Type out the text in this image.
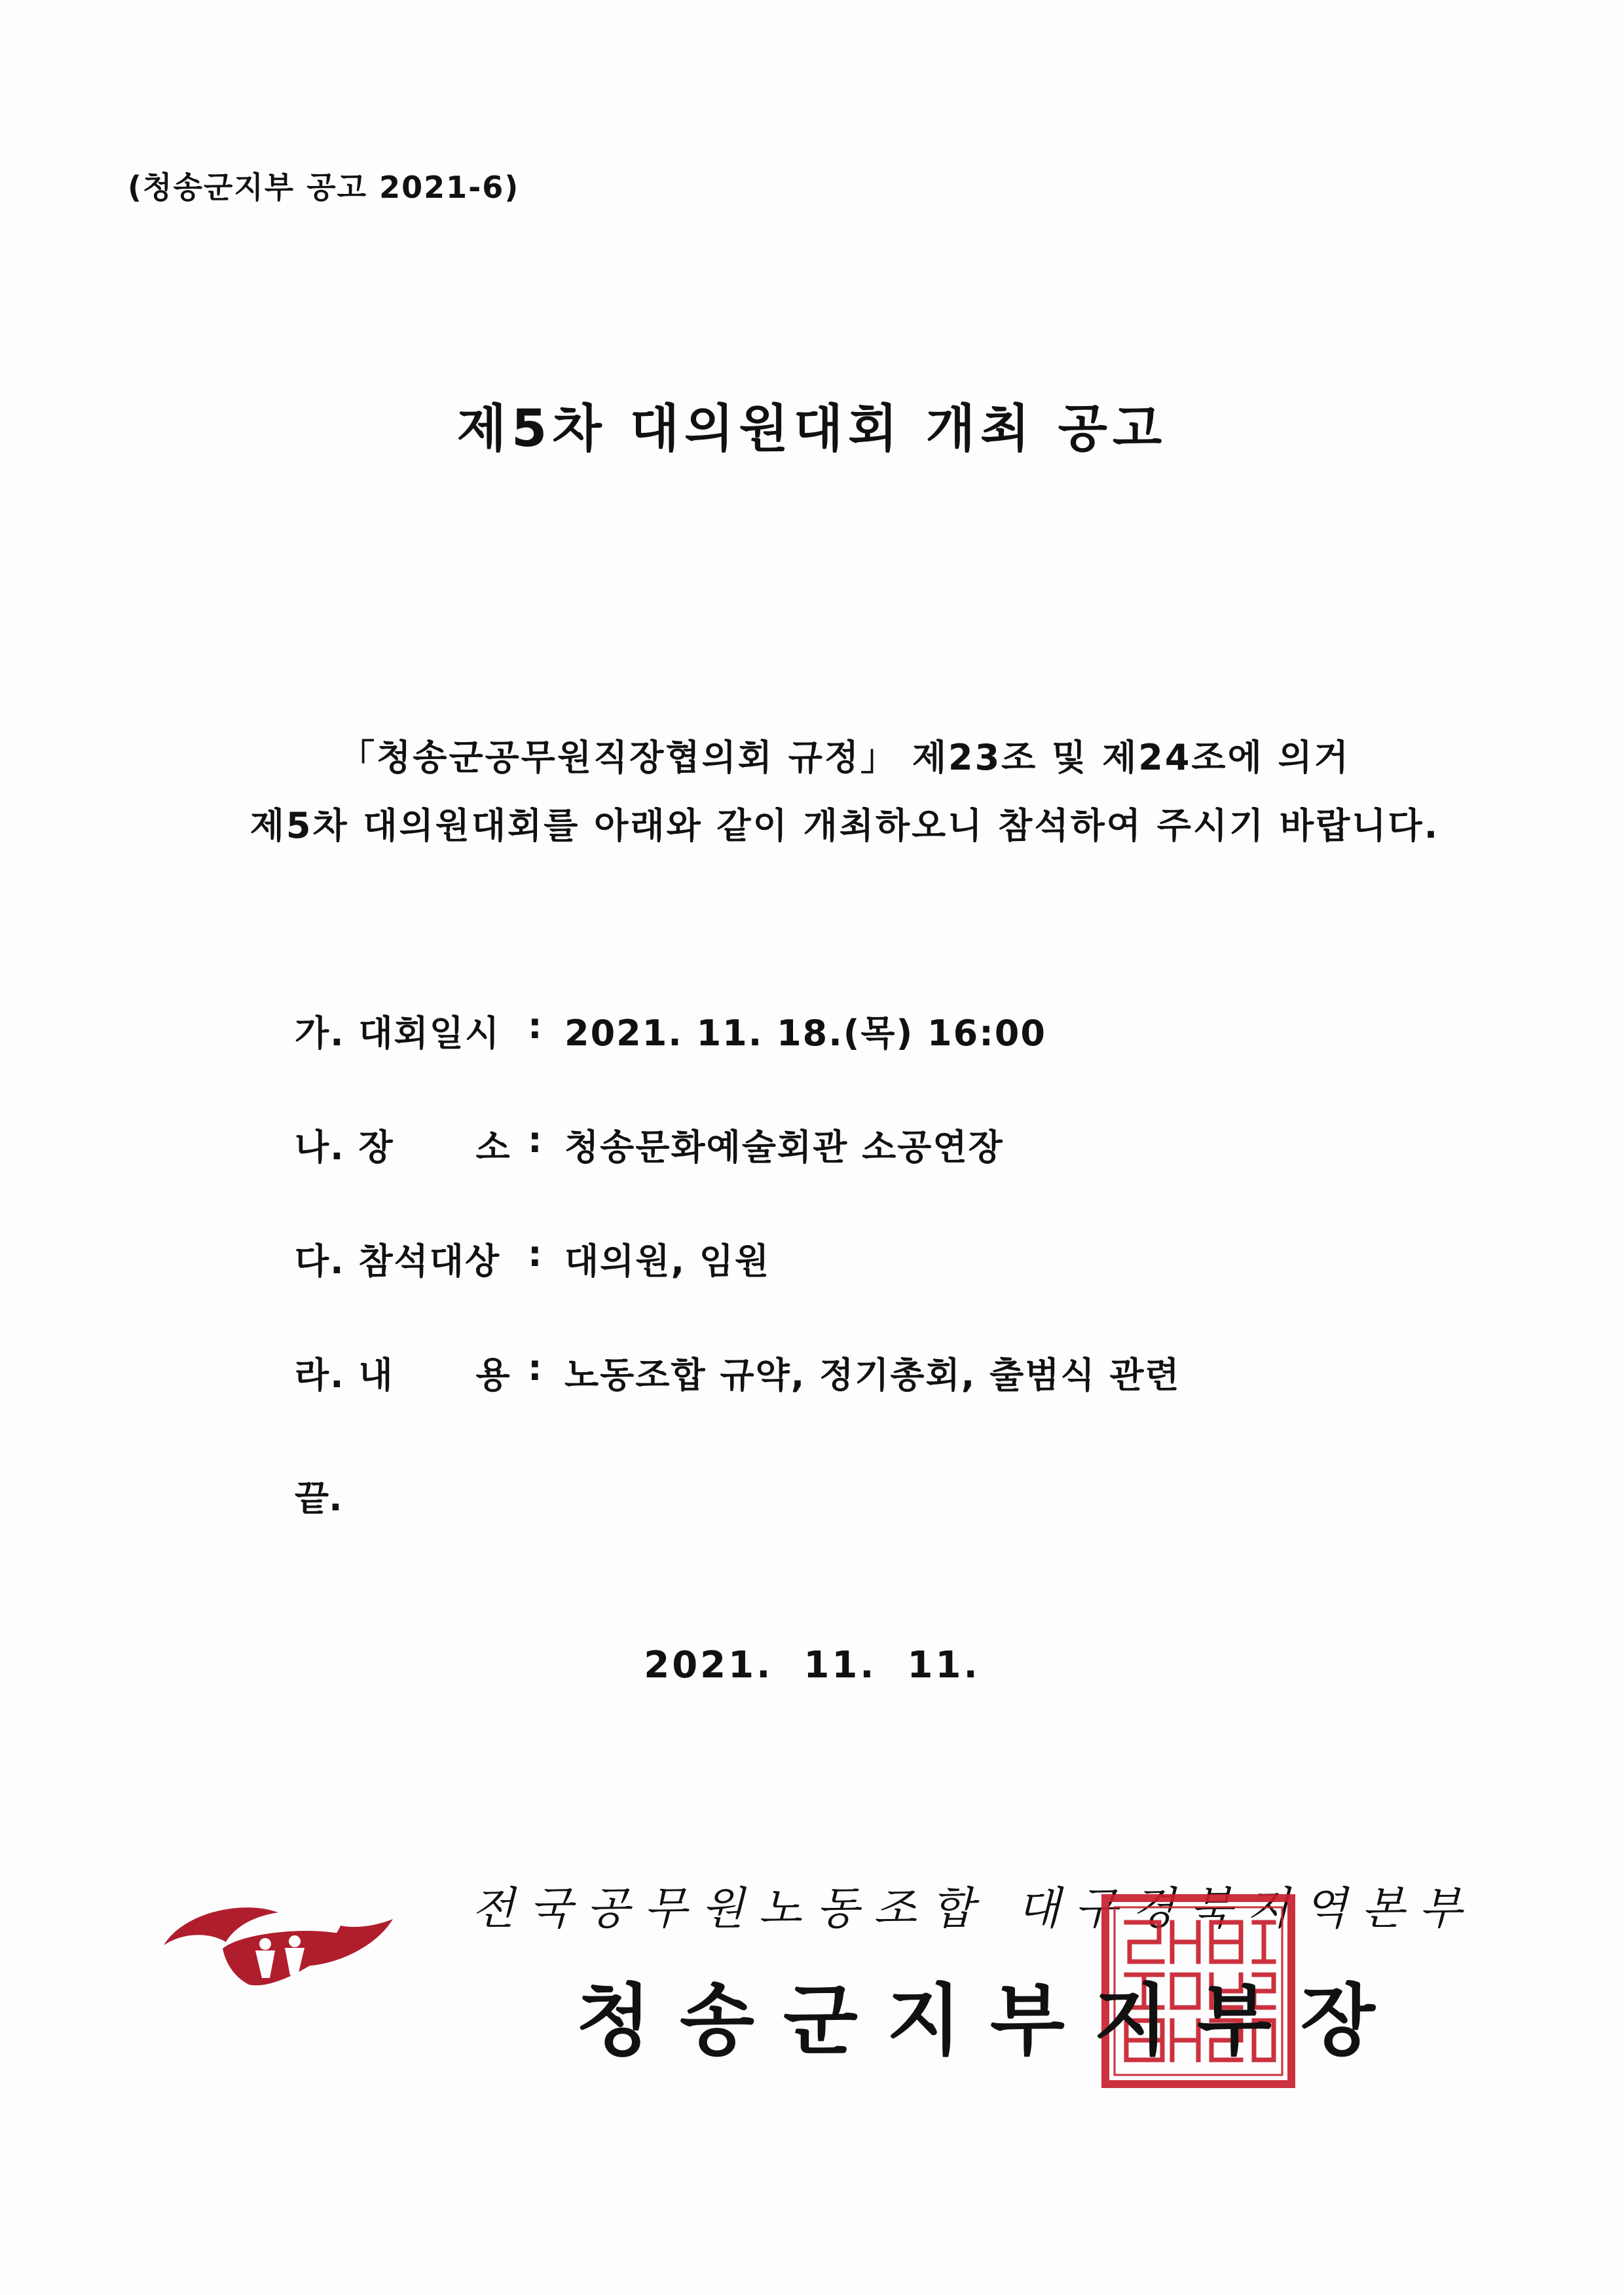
(청송군지부 공고 2021-6)
제5차 대의원대회 개최 공고
「청송군공무원직장협의회 규정」 제23조 및 제24조에 의거
제5차 대의원대회를 아래와 같이 개최하오니 참석하여 주시기 바랍니다.
가. 대회일시 : 2021. 11. 18.(목) 16:00
나. 장      소 : 청송문화예술회관 소공연장
다. 참석대상 : 대의원, 임원
라. 내      용 : 노동조합 규약, 정기총회, 출범식 관련
끝.
2021.  11.  11.
전국공무원노동조합 대구경북지역본부
청송군지부지부장
